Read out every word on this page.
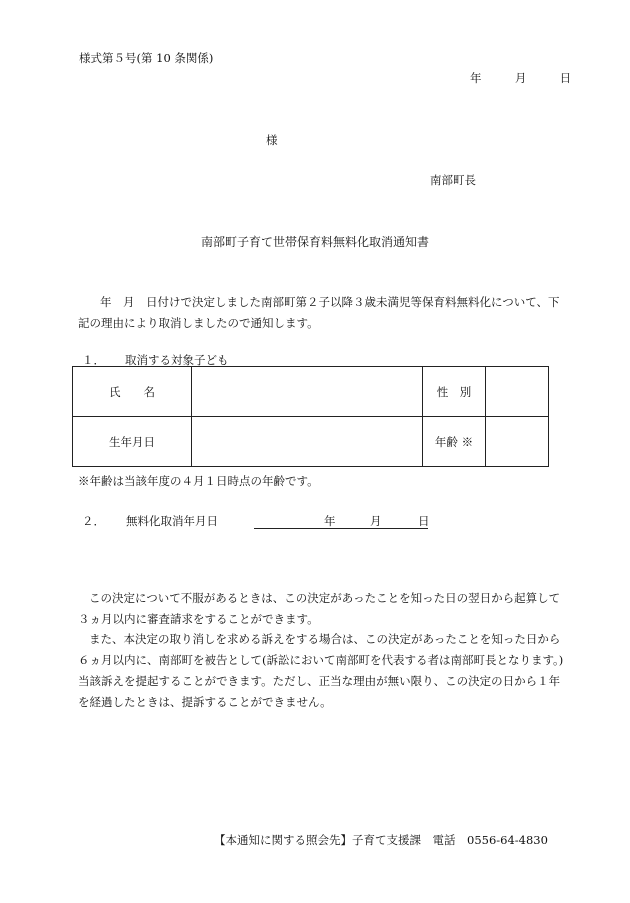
様式第５号(第 10 条関係)
年	月	日
様
南部町長
南部町子育て世帯保育料無料化取消通知書
年　月　日付けで決定しました南部町第２子以降３歳未満児等保育料無料化について、下記の理由により取消しましたので通知します。
１． 取消する対象子ども
氏　　名		性　別	
生年月日		年齢 ※	
※年齢は当該年度の４月１日時点の年齢です。
２． 無料化取消年月日	年	月	日
この決定について不服があるときは、この決定があったことを知った日の翌日から起算して３ヵ月以内に審査請求をすることができます。
また、本決定の取り消しを求める訴えをする場合は、この決定があったことを知った日から６ヵ月以内に、南部町を被告として(訴訟において南部町を代表する者は南部町長となります。)当該訴えを提起することができます。ただし、正当な理由が無い限り、この決定の日から１年を経過したときは、提訴することができません。
【本通知に関する照会先】子育て支援課　電話　0556-64-4830
